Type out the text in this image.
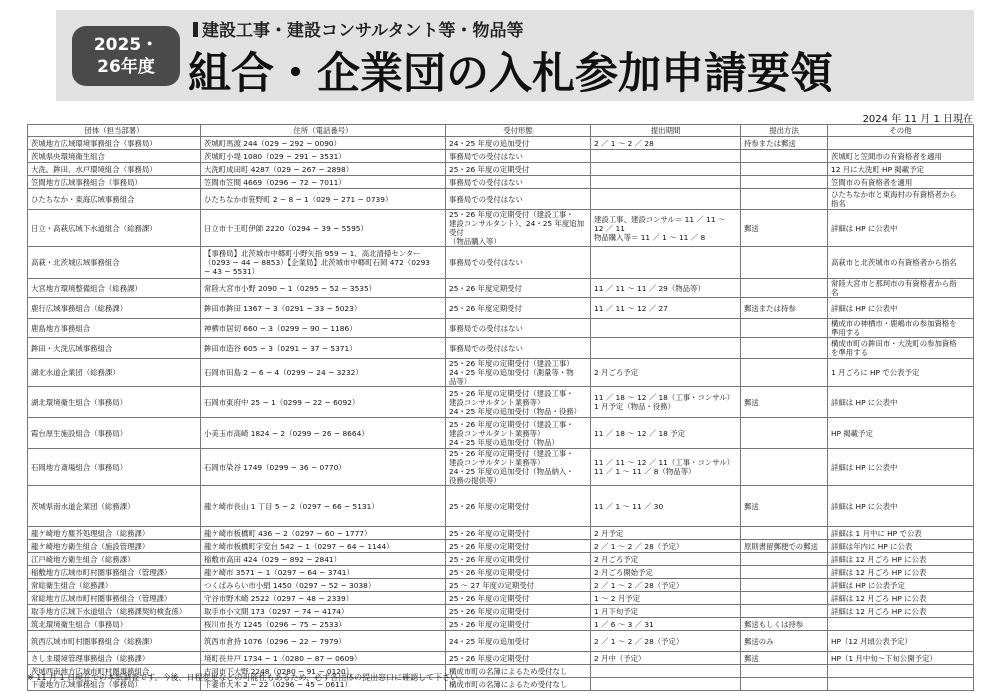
2025・
26年度
建設工事・建設コンサルタント等・物品等
組合・企業団の入札参加申請要領
2024 年 11 月 1 日現在
団体（担当部署）	住所（電話番号）	受付形態	提出期間	提出方法	その他
茨城地方広域環境事務組合（事務局）	茨城町馬渡 244（029 − 292 − 0090）	24・25 年度の追加受付	2 ／ 1 〜 2 ／ 28	持参または郵送	
茨城県央環境衛生組合	茨城町小堤 1080（029 − 291 − 3531）	事務局での受付はない			茨城町と笠間市の有資格者を適用
大洗、鉾田、水戸環境組合（事務局）	大洗町成田町 4287（029 − 267 − 2898）	25・26 年度の定期受付			12 月に大洗町 HP 掲載予定
笠間地方広域事務組合（事務局）	笠間市笠間 4669（0296 − 72 − 7011）	事務局での受付はない			笠間市の有資格者を適用
ひたちなか・東海広域事務組合	ひたちなか市笹野町 2 − 8 − 1（029 − 271 − 0739）	事務局での受付はない			ひたちなか市と東海村の有資格者から
指名
日立・高萩広域下水道組合（総務課）	日立市十王町伊師 2220（0294 − 39 − 5595）	25・26 年度の定期受付（建設工事・
建設コンサルタント）、24・25 年度追加受付
（物品購入等）	建設工事、建設コンサル＝ 11 ／ 11 〜
12 ／ 11
物品購入等＝ 11 ／ 1 〜 11 ／ 8	郵送	詳細は HP に公表中
高萩・北茨城広域事務組合	【事務局】北茨城市中郷町小野矢指 959 − 1、高北清掃センター
（0293 − 44 − 8853）【企業局】北茨城市中郷町石岡 472（0293
− 43 − 5531）	事務局での受付はない			高萩市と北茨城市の有資格者から指名
大宮地方環境整備組合（総務課）	常陸大宮市小野 2090 − 1（0295 − 52 − 3535）	25・26 年度定期受付	11 ／ 11 〜 11 ／ 29（物品等）		常陸大宮市と那珂市の有資格者から指
名
鹿行広域事務組合（総務課）	鉾田市鉾田 1367 − 3（0291 − 33 − 5023）	25・26 年度定期受付	11 ／ 11 〜 12 ／ 27	郵送または持参	詳細は HP に公表中
鹿島地方事務組合	神栖市居切 660 − 3（0299 − 90 − 1186）	事務局での受付はない			構成市の神栖市・鹿嶋市の参加資格を
準用する
鉾田・大洗広域事務組合	鉾田市造谷 605 − 3（0291 − 37 − 5371）	事務局での受付はない			構成市町の鉾田市・大洗町の参加資格
を準用する
湖北水道企業団（総務課）	石岡市田島 2 − 6 − 4（0299 − 24 − 3232）	25・26 年度の定期受付（建設工事）
24・25 年度の追加受付（測量等・物
品等）	2 月ごろ予定		1 月ごろに HP で公表予定
湖北環境衛生組合（事務局）	石岡市東府中 25 − 1（0299 − 22 − 6092）	25・26 年度の定期受付（建設工事・
建設コンサルタント業務等）
24・25 年度の追加受付（物品・役務）	11 ／ 18 〜 12 ／ 18（工事・コンサル）
1 月予定（物品・役務）	郵送	詳細は HP に公表中
霞台厚生施設組合（事務局）	小美玉市高崎 1824 − 2（0299 − 26 − 8664）	25・26 年度の定期受付（建設工事・
建設コンサルタント業務等）
24・25 年度の追加受付（物品）	11 ／ 18 〜 12 ／ 18 予定		HP 掲載予定
石岡地方斎場組合（事務局）	石岡市染谷 1749（0299 − 36 − 0770）	25・26 年度の定期受付（建設工事・
建設コンサルタント業務等）
24・25 年度の追加受付（物品納入・
役務の提供等）	11 ／ 11 〜 12 ／ 11（工事・コンサル）
11 ／ 1 〜 11 ／ 8（物品等）		詳細は HP に公表中
茨城県南水道企業団（総務課）	龍ケ崎市長山 1 丁目 5 − 2（0297 − 66 − 5131）	25・26 年度の定期受付	11 ／ 1 〜 11 ／ 30	郵送	詳細は HP に公表中
龍ケ崎地方塵芥処理組合（総務課）	龍ケ崎市板橋町 436 − 2（0297 − 60 − 1777）	25・26 年度の定期受付	2 月予定		詳細は 1 月中に HP で公表
龍ケ崎地方衛生組合（施設管理課）	龍ケ崎市板橋町字安台 542 − 1（0297 − 64 − 1144）	25・26 年度の定期受付	2 ／ 1 〜 2 ／ 28（予定）	原則書留郵便での郵送	詳細は年内に HP に公表
江戸崎地方衛生組合（総務課）	稲敷市高田 424（029 − 892 − 2841）	25・26 年度の定期受付	2 月ごろ予定		詳細は 12 月ごろ HP に公表
稲敷地方広域市町村圏事務組合（管理課）	龍ケ崎市 3571 − 1（0297 − 64 − 3741）	25・26 年度の定期受付	2 月ごろ開始予定		詳細は 12 月ごろ HP に公表
常総衛生組合（総務課）	つくばみらい市小絹 1450（0297 − 52 − 3038）	25 〜 27 年度の定期受付	2 ／ 1 〜 2 ／ 28（予定）		詳細は HP に公表予定
常総地方広域市町村圏事務組合（管理課）	守谷市野木崎 2522（0297 − 48 − 2339）	25・26 年度の定期受付	1 〜 2 月予定		詳細は 12 月ごろ HP に公表
取手地方広域下水道組合（総務課契約検査係）	取手市小文間 173（0297 − 74 − 4174）	25・26 年度の定期受付	1 月下旬予定		詳細は 12 月ごろ HP に公表
筑北環境衛生組合（事務局）	桜川市長方 1245（0296 − 75 − 2533）	25・26 年度の定期受付	1 ／ 6 〜 3 ／ 31	郵送もしくは持参	
筑西広域市町村圏事務組合（総務課）	筑西市倉持 1076（0296 − 22 − 7979）	24・25 年度の追加受付	2 ／ 1 〜 2 ／ 28（予定）	郵送のみ	HP（12 月頃公表予定）
さしま環境管理事務組合（総務課）	境町長井戸 1734 − 1（0280 − 87 − 0609）	25・26 年度の定期受付	2 月中（予定）	郵送	HP（1 月中旬〜下旬公開予定）
茨城西南地方広域市町村圏事務組合	古河市下大野 2248（0280 − 91 − 0120）	構成市町の名簿によるため受付なし			
下妻地方広域事務組合（事務局）	下妻市大木 2 − 22（0296 − 45 − 0611）	構成市町の名簿によるため受付なし			
※ 11 月 1 日現在での本紙調査です。今後、日程変更などの可能性もあるため、必ず各団体の提出窓口に確認して下さい。
